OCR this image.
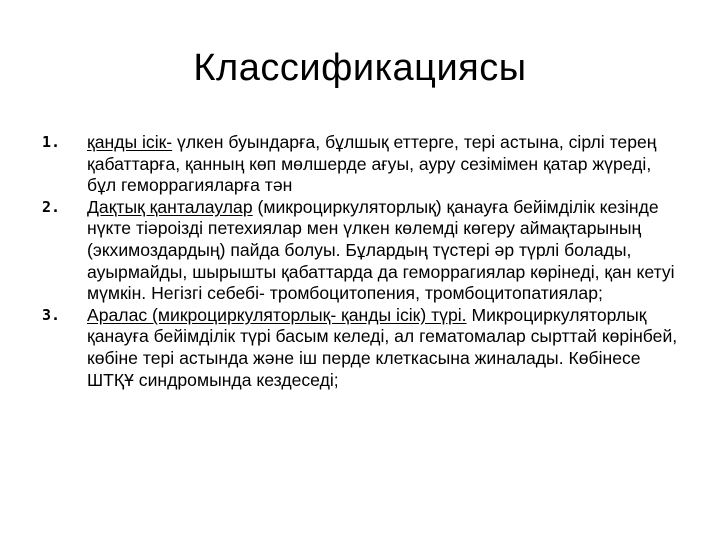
Классификациясы
1. қанды ісік- үлкен буындарға, бұлшық еттерге, тері астына, сірлі терең қабаттарға, қанның көп мөлшерде ағуы, ауру сезімімен қатар жүреді, бұл геморрагияларға тән
2. Дақтық қанталаулар (микроциркуляторлық) қанауға бейімділік кезінде нүкте тіәроізді петехиялар мен үлкен көлемді көгеру аймақтарының (экхимоздардың) пайда болуы. Бұлардың түстері әр түрлі болады, ауырмайды, шырышты қабаттарда да геморрагиялар көрінеді, қан кетуі мүмкін. Негізгі себебі- тромбоцитопения, тромбоцитопатиялар;
3. Аралас (микроциркуляторлық- қанды ісік) түрі. Микроциркуляторлық қанауға бейімділік түрі басым келеді, ал гематомалар сырттай көрінбей, көбіне тері астында және іш перде клеткасына жиналады. Көбінесе ШТҚҰ синдромында кездеседі;
